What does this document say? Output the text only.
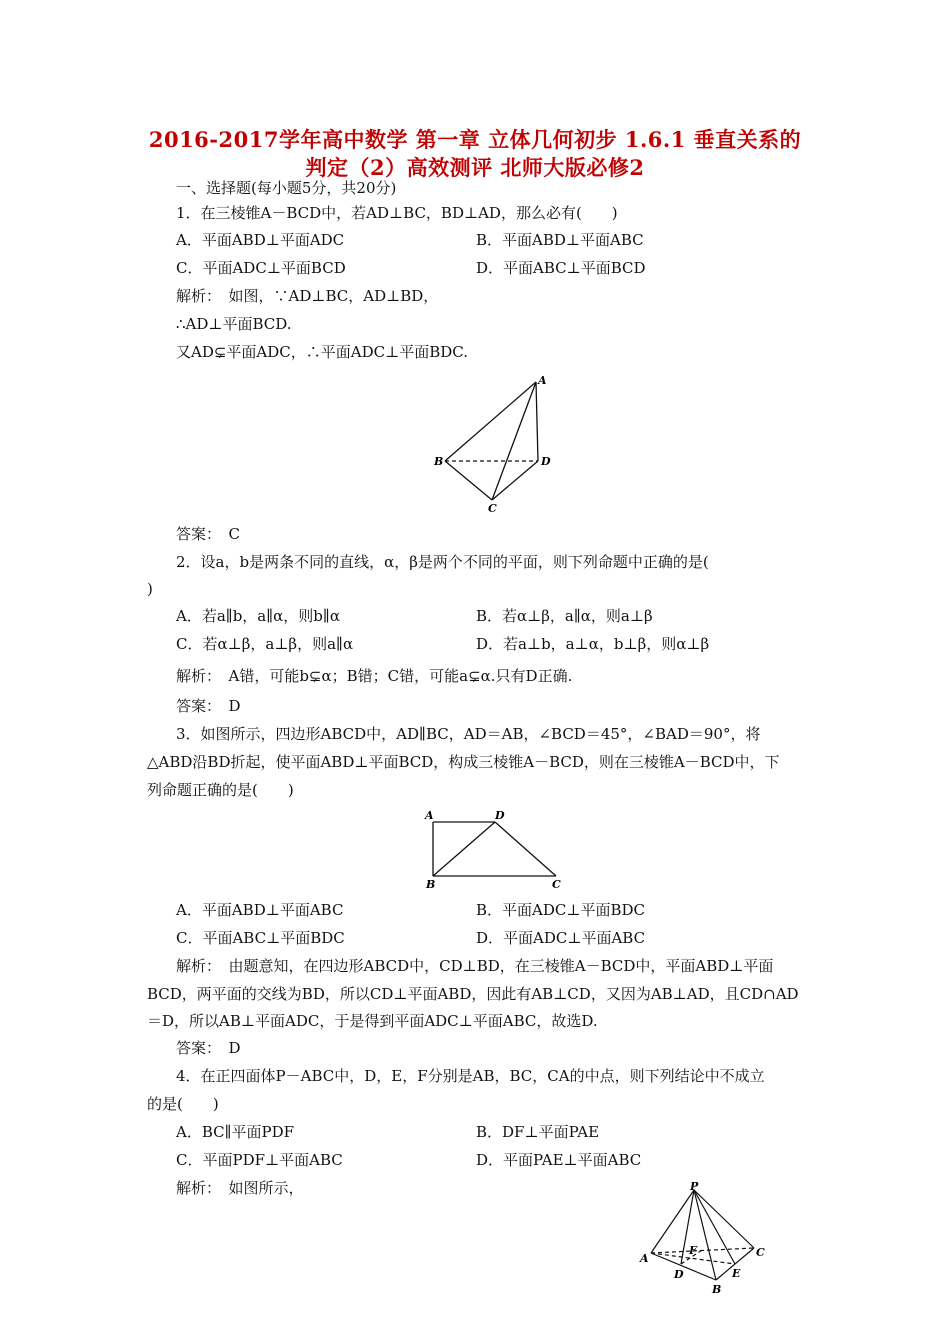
2016-2017学年高中数学 第一章 立体几何初步 1.6.1 垂直关系的
判定（2）高效测评 北师大版必修2
一、选择题(每小题5分，共20分)
1．在三棱锥A－BCD中，若AD⊥BC，BD⊥AD，那么必有(　　)
A．平面ABD⊥平面ADC	B．平面ABD⊥平面ABC
C．平面ADC⊥平面BCD	D．平面ABC⊥平面BCD
解析：　如图，∵AD⊥BC，AD⊥BD，
∴AD⊥平面BCD.
又AD⊊平面ADC，∴平面ADC⊥平面BDC.
A
B	D
C
答案：　C
2．设a，b是两条不同的直线，α，β是两个不同的平面，则下列命题中正确的是(
)
A．若a∥b，a∥α，则b∥α	B．若α⊥β，a∥α，则a⊥β
C．若α⊥β，a⊥β，则a∥α	D．若a⊥b，a⊥α，b⊥β，则α⊥β
解析：　A错，可能b⊊α；B错；C错，可能a⊊α.只有D正确.
答案：　D
3．如图所示，四边形ABCD中，AD∥BC，AD＝AB，∠BCD＝45°，∠BAD＝90°，将
△ABD沿BD折起，使平面ABD⊥平面BCD，构成三棱锥A－BCD，则在三棱锥A－BCD中，下
列命题正确的是(　　)
A	D
B	C
A．平面ABD⊥平面ABC	B．平面ADC⊥平面BDC
C．平面ABC⊥平面BDC	D．平面ADC⊥平面ABC
解析：　由题意知，在四边形ABCD中，CD⊥BD，在三棱锥A－BCD中，平面ABD⊥平面
BCD，两平面的交线为BD，所以CD⊥平面ABD，因此有AB⊥CD，又因为AB⊥AD，且CD∩AD
＝D，所以AB⊥平面ADC，于是得到平面ADC⊥平面ABC，故选D.
答案：　D
4．在正四面体P－ABC中，D，E，F分别是AB，BC，CA的中点，则下列结论中不成立
的是(　　)
A．BC∥平面PDF	B．DF⊥平面PAE
C．平面PDF⊥平面ABC	D．平面PAE⊥平面ABC
解析：　如图所示，	P
A	C
F
D	E
B
